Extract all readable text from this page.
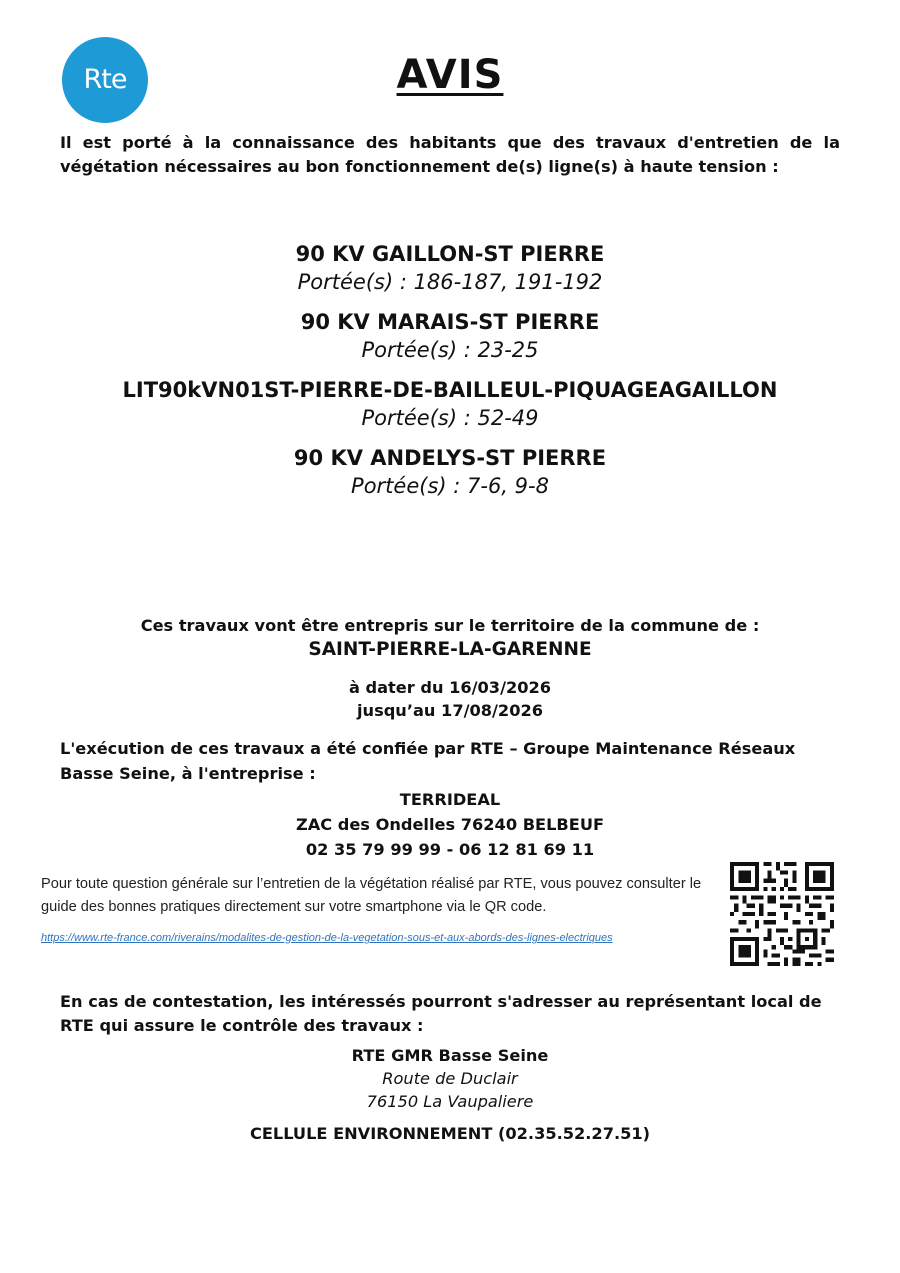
Rte	AVIS
Il est porté à la connaissance des habitants que des travaux d'entretien de la végétation nécessaires au bon fonctionnement de(s) ligne(s) à haute tension :
90 KV GAILLON-ST PIERRE
Portée(s) : 186-187, 191-192
90 KV MARAIS-ST PIERRE
Portée(s) : 23-25
LIT90kVN01ST-PIERRE-DE-BAILLEUL-PIQUAGEAGAILLON
Portée(s) : 52-49
90 KV ANDELYS-ST PIERRE
Portée(s) : 7-6, 9-8
Ces travaux vont être entrepris sur le territoire de la commune de :
SAINT-PIERRE-LA-GARENNE
à dater du 16/03/2026
jusqu’au 17/08/2026
L'exécution de ces travaux a été confiée par RTE – Groupe Maintenance Réseaux Basse Seine, à l'entreprise :
TERRIDEAL
ZAC des Ondelles 76240 BELBEUF
02 35 79 99 99 - 06 12 81 69 11
Pour toute question générale sur l’entretien de la végétation réalisé par RTE, vous pouvez consulter le guide des bonnes pratiques directement sur votre smartphone via le QR code.
https://www.rte-france.com/riverains/modalites-de-gestion-de-la-vegetation-sous-et-aux-abords-des-lignes-electriques
En cas de contestation, les intéressés pourront s'adresser au représentant local de RTE qui assure le contrôle des travaux :
RTE GMR Basse Seine
Route de Duclair
76150 La Vaupaliere
CELLULE ENVIRONNEMENT (02.35.52.27.51)
